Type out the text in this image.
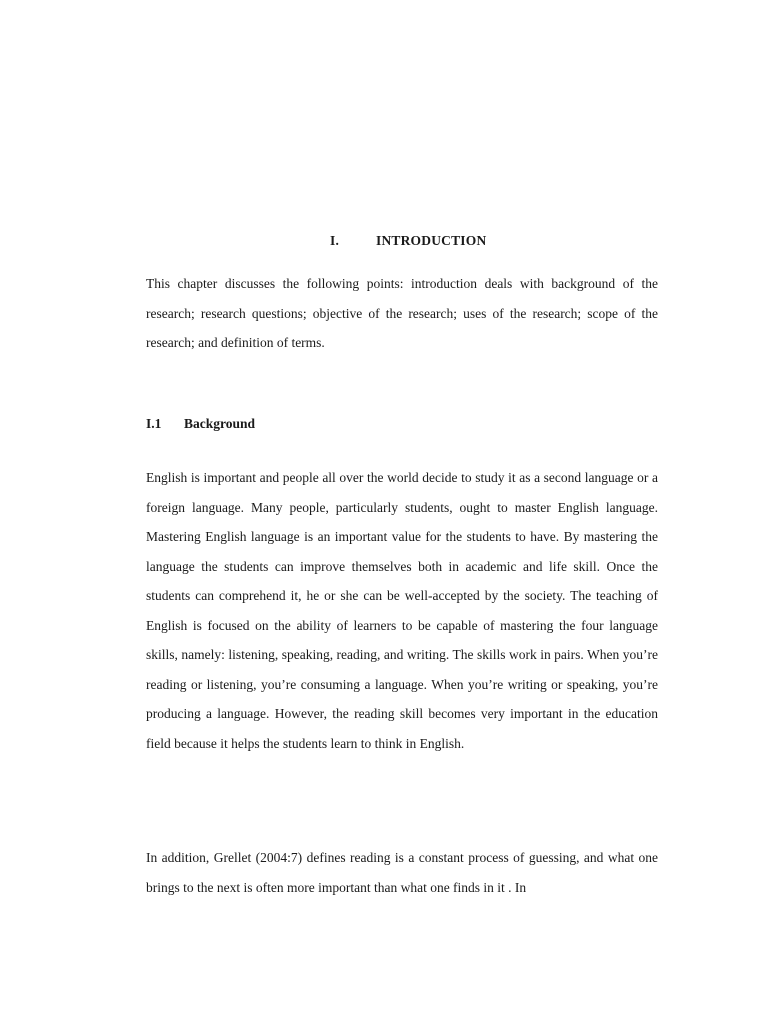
I.	INTRODUCTION

This chapter discusses the following points: introduction deals with background of the research; research questions; objective of the research; uses of the research; scope of the research; and definition of terms.

I.1 Background

English is important and people all over the world decide to study it as a second language or a foreign language. Many people, particularly students, ought to master English language. Mastering English language is an important value for the students to have. By mastering the language the students can improve themselves both in academic and life skill. Once the students can comprehend it, he or she can be well-accepted by the society. The teaching of English is focused on the ability of learners to be capable of mastering the four language skills, namely: listening, speaking, reading, and writing. The skills work in pairs. When you’re reading or listening, you’re consuming a language. When you’re writing or speaking, you’re producing a language. However, the reading skill becomes very important in the education field because it helps the students learn to think in English.

In addition, Grellet (2004:7) defines reading is a constant process of guessing, and what one brings to the next is often more important than what one finds in it . In
